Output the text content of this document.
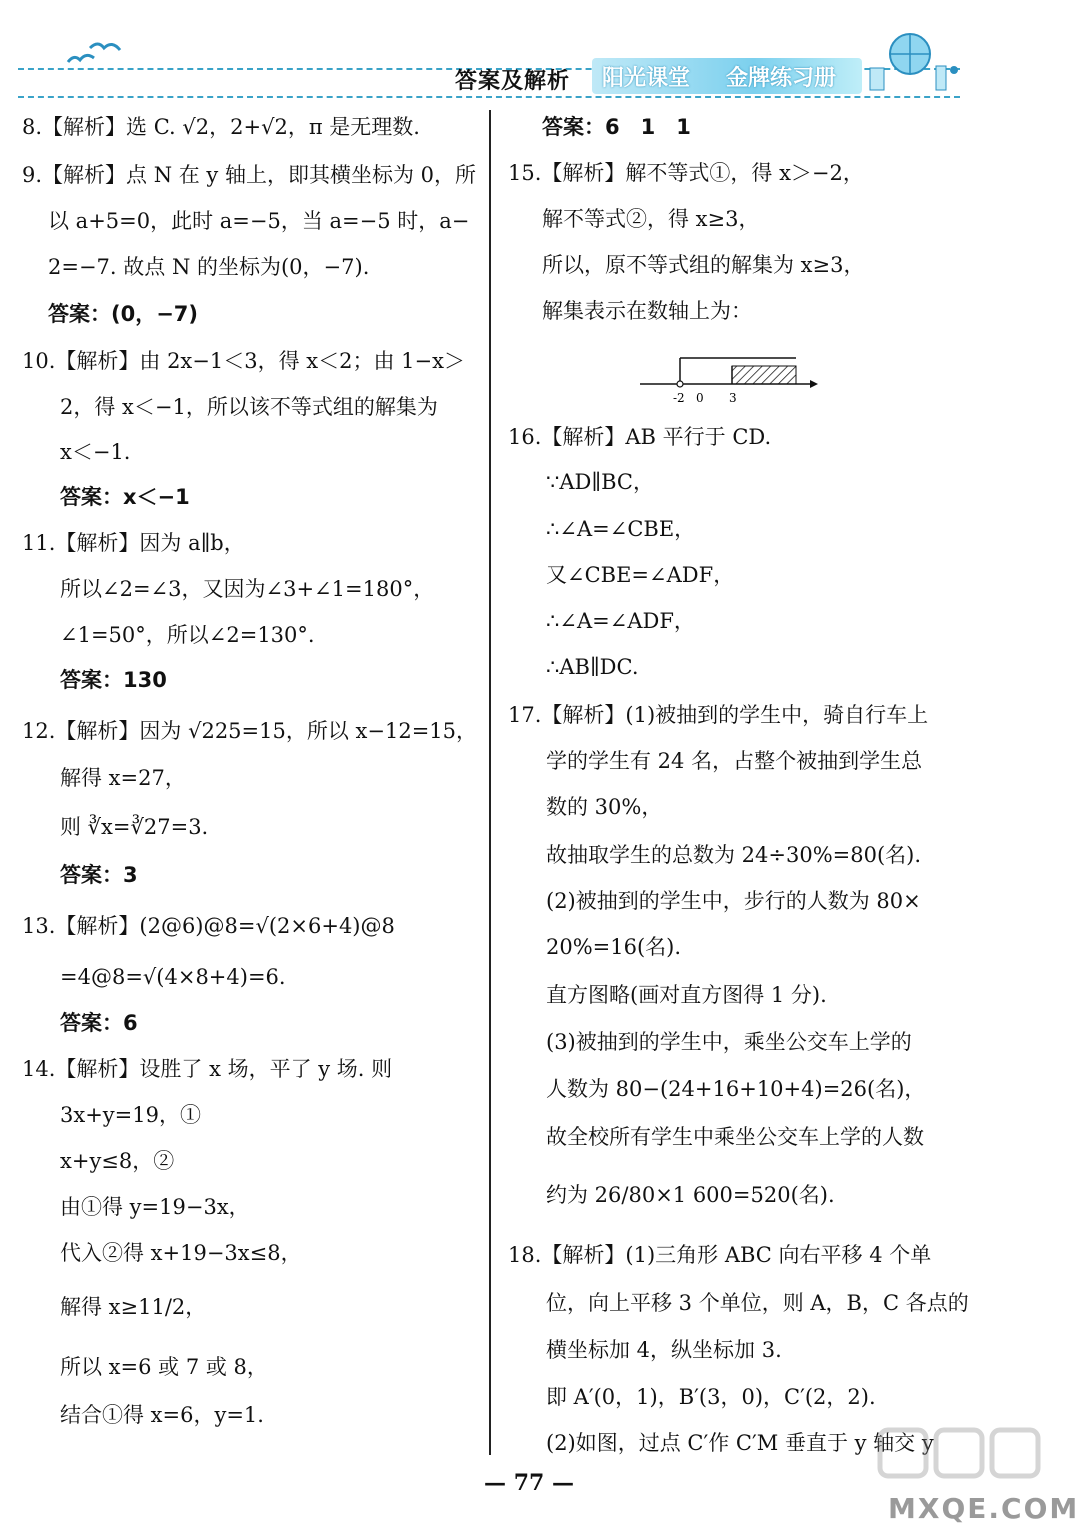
答案及解析 阳光课堂 金牌练习册
8.【解析】选 C. √2，2+√2，π 是无理数.
9.【解析】点 N 在 y 轴上，即其横坐标为 0，所
以 a+5=0，此时 a=−5，当 a=−5 时，a−
2=−7. 故点 N 的坐标为(0，−7).
答案：(0，−7)
10.【解析】由 2x−1＜3，得 x＜2；由 1−x＞
2，得 x＜−1，所以该不等式组的解集为
x＜−1.
答案：x＜−1
11.【解析】因为 a∥b，
所以∠2=∠3，又因为∠3+∠1=180°，
∠1=50°，所以∠2=130°.
答案：130
12.【解析】因为 √225=15，所以 x−12=15，
解得 x=27，
则 ∛x=∛27=3.
答案：3
13.【解析】(2@6)@8=√(2×6+4)@8
=4@8=√(4×8+4)=6.
答案：6
14.【解析】设胜了 x 场，平了 y 场. 则
3x+y=19，①
x+y≤8，②
由①得 y=19−3x，
代入②得 x+19−3x≤8，
解得 x≥11/2，
所以 x=6 或 7 或 8，
结合①得 x=6，y=1.
答案：6　1　1
15.【解析】解不等式①，得 x＞−2，
解不等式②，得 x≥3，
所以，原不等式组的解集为 x≥3，
解集表示在数轴上为：
-2 0 3
16.【解析】AB 平行于 CD.
∵AD∥BC，
∴∠A=∠CBE，
又∠CBE=∠ADF，
∴∠A=∠ADF，
∴AB∥DC.
17.【解析】(1)被抽到的学生中，骑自行车上
学的学生有 24 名，占整个被抽到学生总
数的 30%，
故抽取学生的总数为 24÷30%=80(名).
(2)被抽到的学生中，步行的人数为 80×
20%=16(名).
直方图略(画对直方图得 1 分).
(3)被抽到的学生中，乘坐公交车上学的
人数为 80−(24+16+10+4)=26(名)，
故全校所有学生中乘坐公交车上学的人数
约为 26/80×1 600=520(名).
18.【解析】(1)三角形 ABC 向右平移 4 个单
位，向上平移 3 个单位，则 A，B，C 各点的
横坐标加 4，纵坐标加 3.
即 A′(0，1)，B′(3，0)，C′(2，2).
(2)如图，过点 C′作 C′M 垂直于 y 轴交 y
— 77 —
MXQE.COM
